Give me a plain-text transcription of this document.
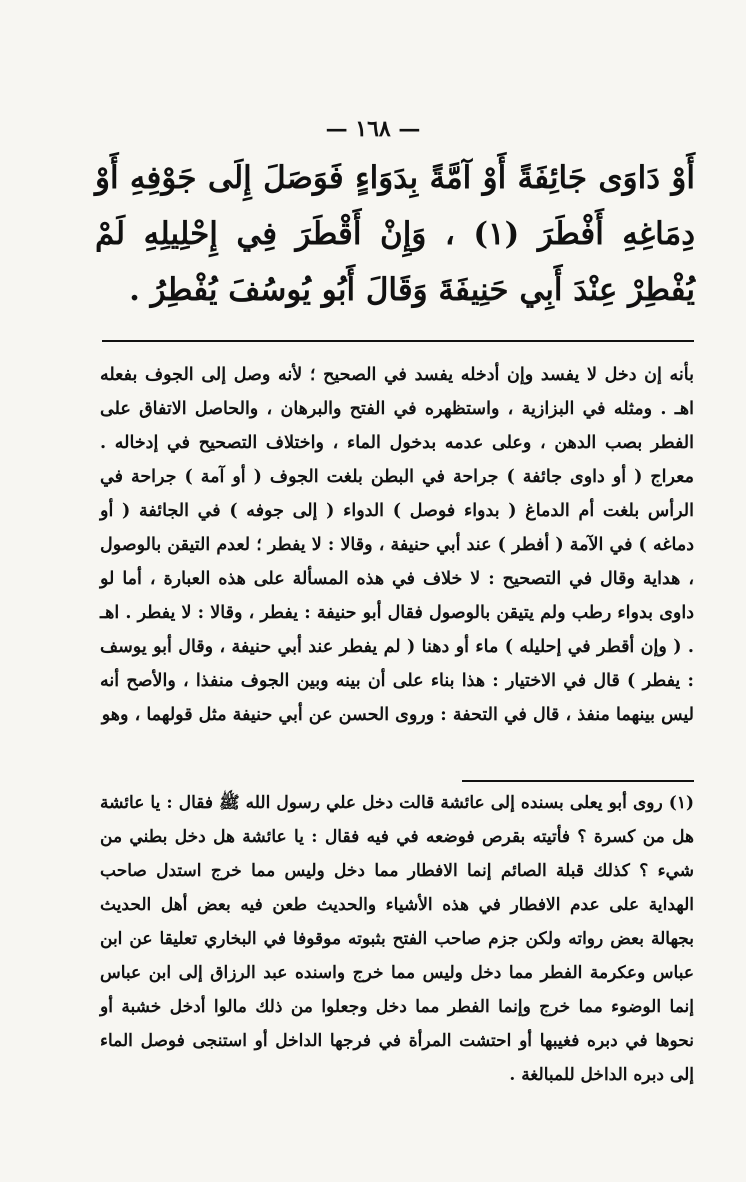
— ١٦٨ —

أَوْ دَاوَى جَائِفَةً أَوْ آمَّةً بِدَوَاءٍ فَوَصَلَ إِلَى جَوْفِهِ أَوْ دِمَاغِهِ أَفْطَرَ (١) ، وَإِنْ أَقْطَرَ فِي إِحْلِيلِهِ لَمْ يُفْطِرْ عِنْدَ أَبِي حَنِيفَةَ وَقَالَ أَبُو يُوسُفَ يُفْطِرُ .

بأنه إن دخل لا يفسد وإن أدخله يفسد في الصحيح ؛ لأنه وصل إلى الجوف بفعله اهـ . ومثله في البزازية ، واستظهره في الفتح والبرهان ، والحاصل الاتفاق على الفطر بصب الدهن ، وعلى عدمه بدخول الماء ، واختلاف التصحيح في إدخاله . معراج ( أو داوى جائفة ) جراحة في البطن بلغت الجوف ( أو آمة ) جراحة في الرأس بلغت أم الدماغ ( بدواء فوصل ) الدواء ( إلى جوفه ) في الجائفة ( أو دماغه ) في الآمة ( أفطر ) عند أبي حنيفة ، وقالا : لا يفطر ؛ لعدم التيقن بالوصول ، هداية وقال في التصحيح : لا خلاف في هذه المسألة على هذه العبارة ، أما لو داوى بدواء رطب ولم يتيقن بالوصول فقال أبو حنيفة : يفطر ، وقالا : لا يفطر . اهـ . ( وإن أقطر في إحليله ) ماء أو دهنا ( لم يفطر عند أبي حنيفة ، وقال أبو يوسف : يفطر ) قال في الاختيار : هذا بناء على أن بينه وبين الجوف منفذا ، والأصح أنه ليس بينهما منفذ ، قال في التحفة : وروى الحسن عن أبي حنيفة مثل قولهما ، وهو

(١) روى أبو يعلى بسنده إلى عائشة قالت دخل علي رسول الله ﷺ فقال : يا عائشة هل من كسرة ؟ فأتيته بقرص فوضعه في فيه فقال : يا عائشة هل دخل بطني من شيء ؟ كذلك قبلة الصائم إنما الافطار مما دخل وليس مما خرج استدل صاحب الهداية على عدم الافطار في هذه الأشياء والحديث طعن فيه بعض أهل الحديث بجهالة بعض رواته ولكن جزم صاحب الفتح بثبوته موقوفا في البخاري تعليقا عن ابن عباس وعكرمة الفطر مما دخل وليس مما خرج واسنده عبد الرزاق إلى ابن عباس إنما الوضوء مما خرج وإنما الفطر مما دخل وجعلوا من ذلك مالوا أدخل خشبة أو نحوها في دبره فغيبها أو احتشت المرأة في فرجها الداخل أو استنجى فوصل الماء إلى دبره الداخل للمبالغة .
